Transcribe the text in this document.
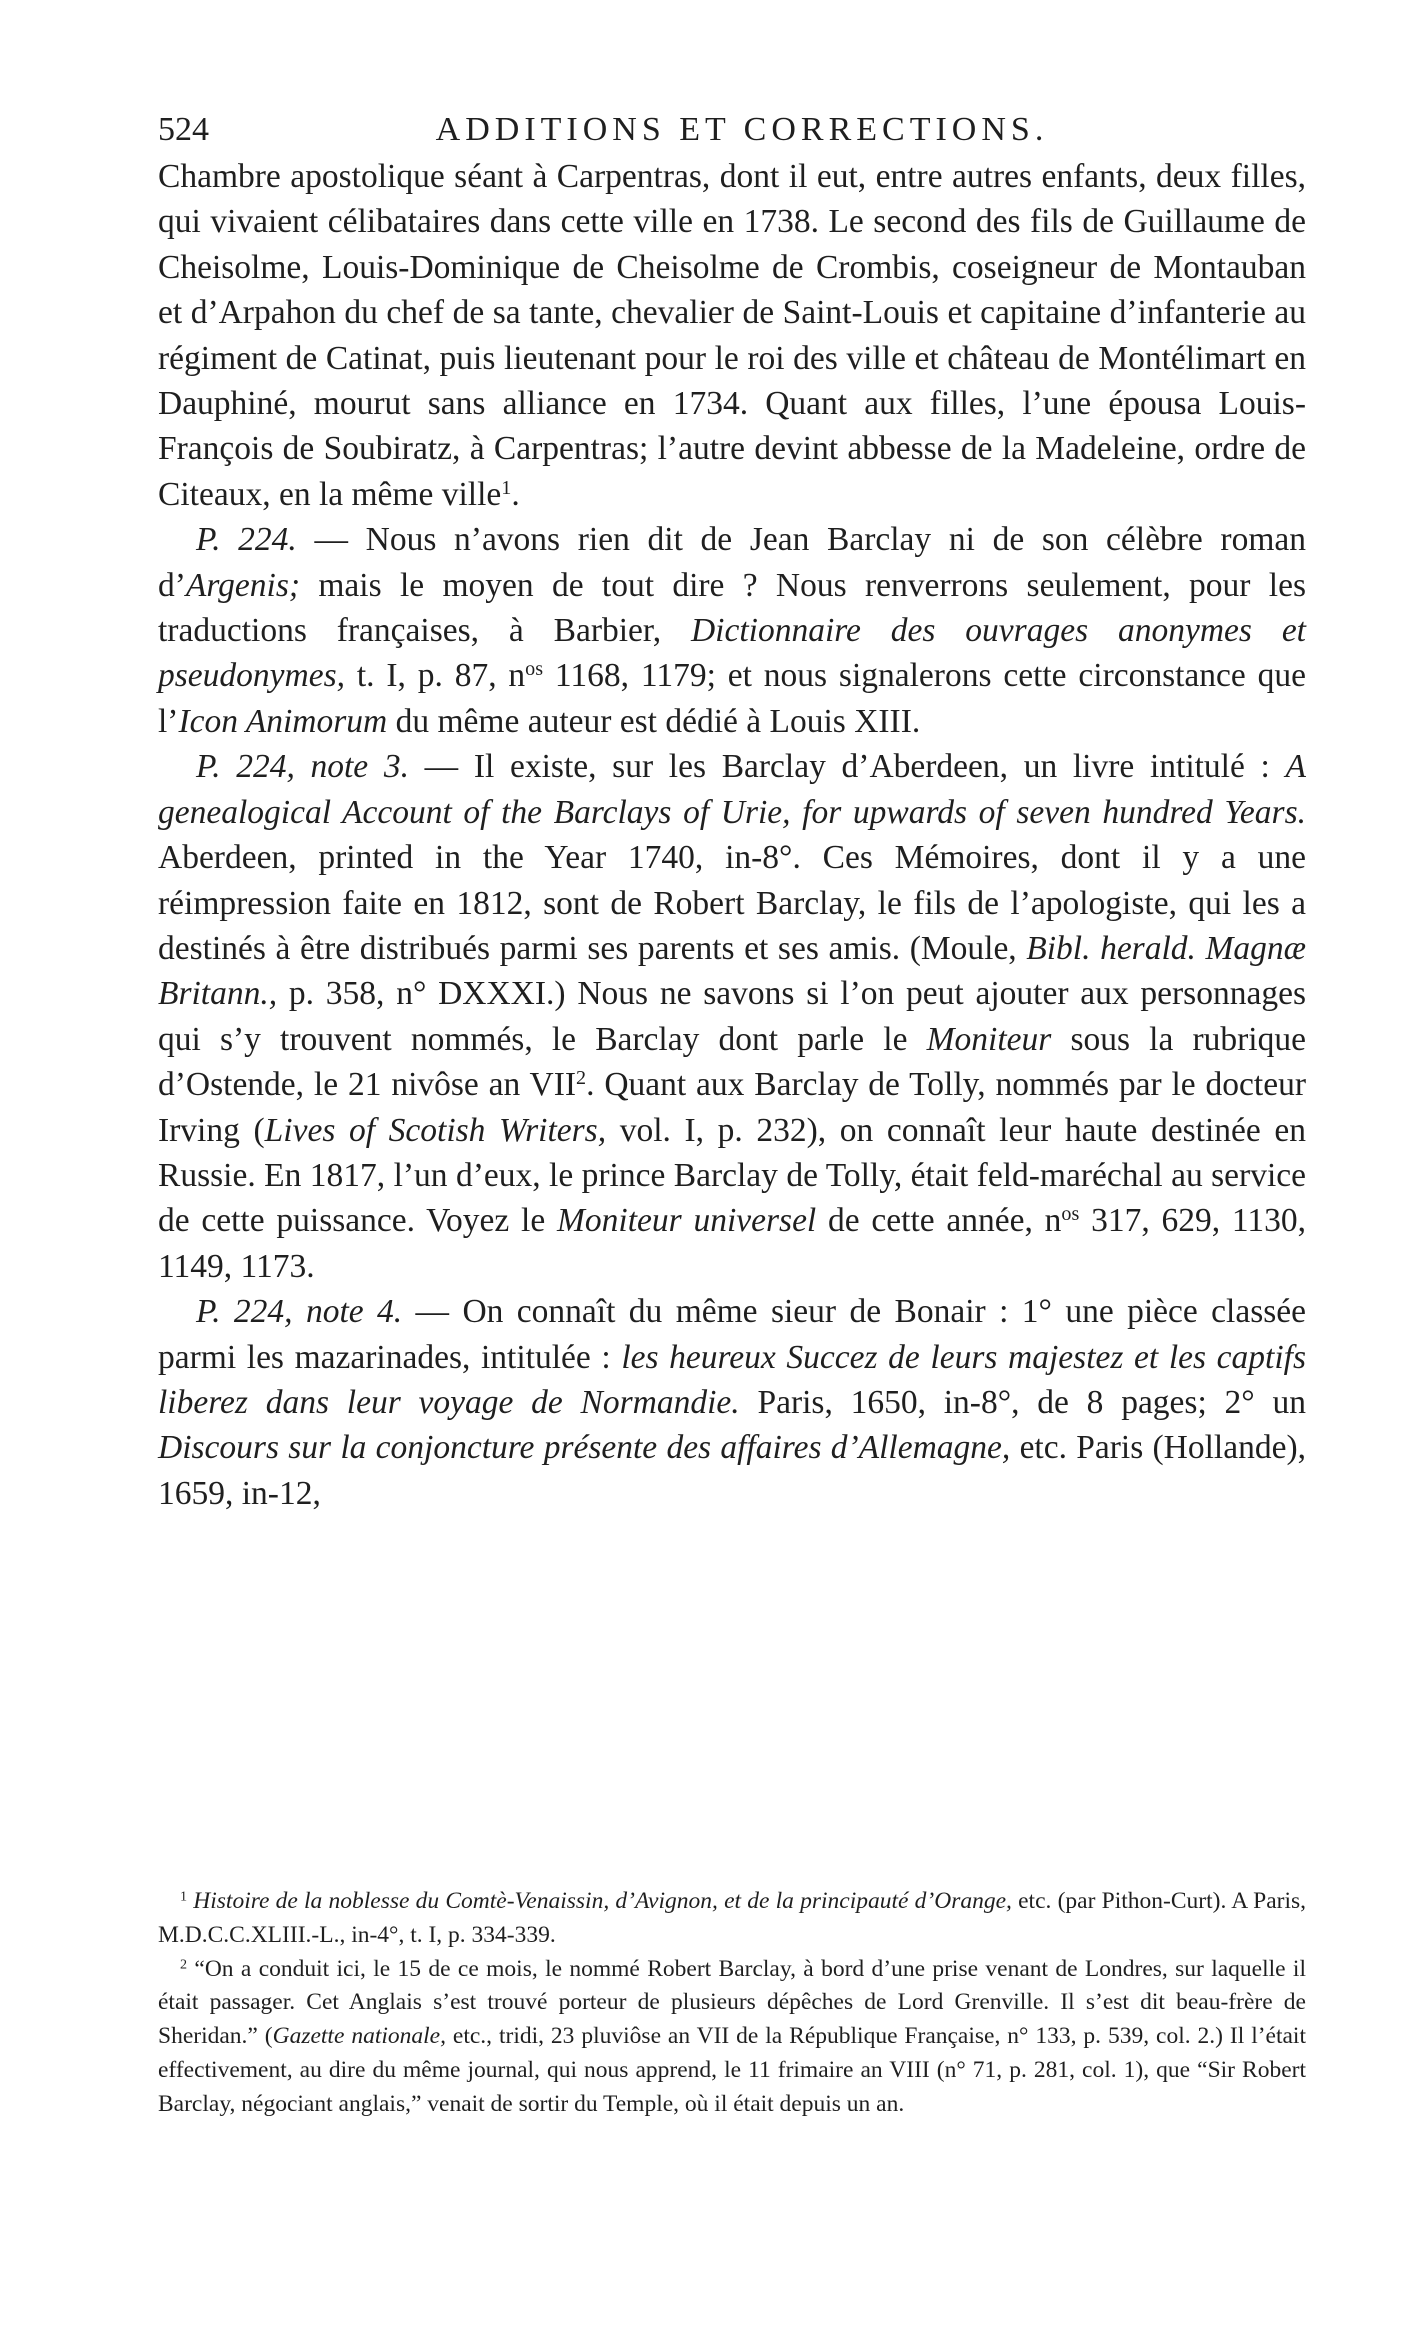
524	ADDITIONS ET CORRECTIONS.

Chambre apostolique séant à Carpentras, dont il eut, entre autres enfants, deux filles, qui vivaient célibataires dans cette ville en 1738. Le second des fils de Guillaume de Cheisolme, Louis-Dominique de Cheisolme de Crombis, coseigneur de Montauban et d’Arpahon du chef de sa tante, chevalier de Saint-Louis et capitaine d’infanterie au régiment de Catinat, puis lieutenant pour le roi des ville et château de Montélimart en Dauphiné, mourut sans alliance en 1734. Quant aux filles, l’une épousa Louis-François de Soubiratz, à Carpentras; l’autre devint abbesse de la Madeleine, ordre de Citeaux, en la même ville$^1$.

P. 224. — Nous n’avons rien dit de Jean Barclay ni de son célèbre roman d’Argenis; mais le moyen de tout dire ? Nous renverrons seulement, pour les traductions françaises, à Barbier, Dictionnaire des ouvrages anonymes et pseudonymes, t. I, p. 87, $n^{os}$ 1168, 1179; et nous signalerons cette circonstance que l’Icon Animorum du même auteur est dédié à Louis XIII.

P. 224, note 3. — Il existe, sur les Barclay d’Aberdeen, un livre intitulé : A genealogical Account of the Barclays of Urie, for upwards of seven hundred Years. Aberdeen, printed in the Year 1740, in-8°. Ces Mémoires, dont il y a une réimpression faite en 1812, sont de Robert Barclay, le fils de l’apologiste, qui les a destinés à être distribués parmi ses parents et ses amis. (Moule, Bibl. herald. Magnæ Britann., p. 358, n° DXXXI.) Nous ne savons si l’on peut ajouter aux personnages qui s’y trouvent nommés, le Barclay dont parle le Moniteur sous la rubrique d’Ostende, le 21 nivôse an VII$^2$. Quant aux Barclay de Tolly, nommés par le docteur Irving (Lives of Scotish Writers, vol. I, p. 232), on connaît leur haute destinée en Russie. En 1817, l’un d’eux, le prince Barclay de Tolly, était feld-maréchal au service de cette puissance. Voyez le Moniteur universel de cette année, $n^{os}$ 317, 629, 1130, 1149, 1173.

P. 224, note 4. — On connaît du même sieur de Bonair : 1° une pièce classée parmi les mazarinades, intitulée : les heureux Succez de leurs majestez et les captifs liberez dans leur voyage de Normandie. Paris, 1650, in-8°, de 8 pages; 2° un Discours sur la conjoncture présente des affaires d’Allemagne, etc. Paris (Hollande), 1659, in-12,

$^1$ Histoire de la noblesse du Comtè-Venaissin, d’Avignon, et de la principauté d’Orange, etc. (par Pithon-Curt). A Paris, M.D.C.C.XLIII.-L., in-4°, t. I, p. 334-339.

$^2$ “On a conduit ici, le 15 de ce mois, le nommé Robert Barclay, à bord d’une prise venant de Londres, sur laquelle il était passager. Cet Anglais s’est trouvé porteur de plusieurs dépêches de Lord Grenville. Il s’est dit beau-frère de Sheridan.” (Gazette nationale, etc., tridi, 23 pluviôse an VII de la République Française, n° 133, p. 539, col. 2.) Il l’était effectivement, au dire du même journal, qui nous apprend, le 11 frimaire an VIII (n° 71, p. 281, col. 1), que “Sir Robert Barclay, négociant anglais,” venait de sortir du Temple, où il était depuis un an.
